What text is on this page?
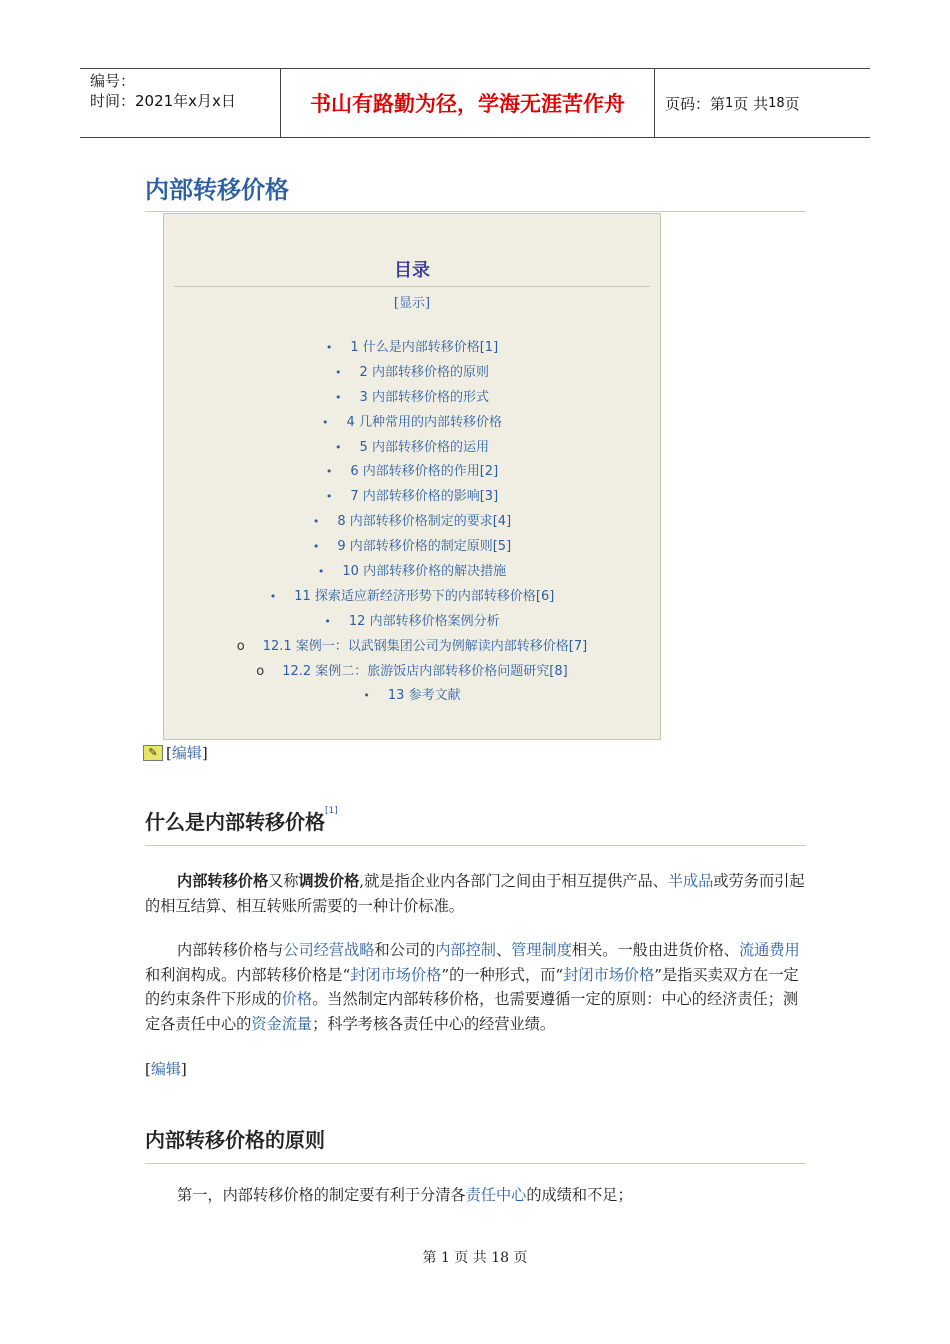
编号：
时间：2021年x月x日	书山有路勤为径，学海无涯苦作舟	页码：第 1 页 共 18 页
内部转移价格
目录
[显示]
• 1 什么是内部转移价格[1]
• 2 内部转移价格的原则
• 3 内部转移价格的形式
• 4 几种常用的内部转移价格
• 5 内部转移价格的运用
• 6 内部转移价格的作用[2]
• 7 内部转移价格的影响[3]
• 8 内部转移价格制定的要求[4]
• 9 内部转移价格的制定原则[5]
• 10 内部转移价格的解决措施
• 11 探索适应新经济形势下的内部转移价格[6]
• 12 内部转移价格案例分析
o 12.1 案例一：以武钢集团公司为例解读内部转移价格[7]
o 12.2 案例二：旅游饭店内部转移价格问题研究[8]
• 13 参考文献
✎ [ 编辑 ]
什么是内部转移价格[1]
内部转移价格又称调拨价格,就是指企业内各部门之间由于相互提供产品、半成品或劳务而引起的相互结算、相互转账所需要的一种计价标准。
内部转移价格与公司经营战略和公司的内部控制、管理制度相关。一般由进货价格、流通费用和利润构成。内部转移价格是“封闭市场价格”的一种形式，而“封闭市场价格”是指买卖双方在一定的约束条件下形成的价格。当然制定内部转移价格，也需要遵循一定的原则：中心的经济责任；测定各责任中心的资金流量；科学考核各责任中心的经营业绩。
[ 编辑 ]
内部转移价格的原则
第一，内部转移价格的制定要有利于分清各责任中心的成绩和不足；
第 1 页 共 18 页
